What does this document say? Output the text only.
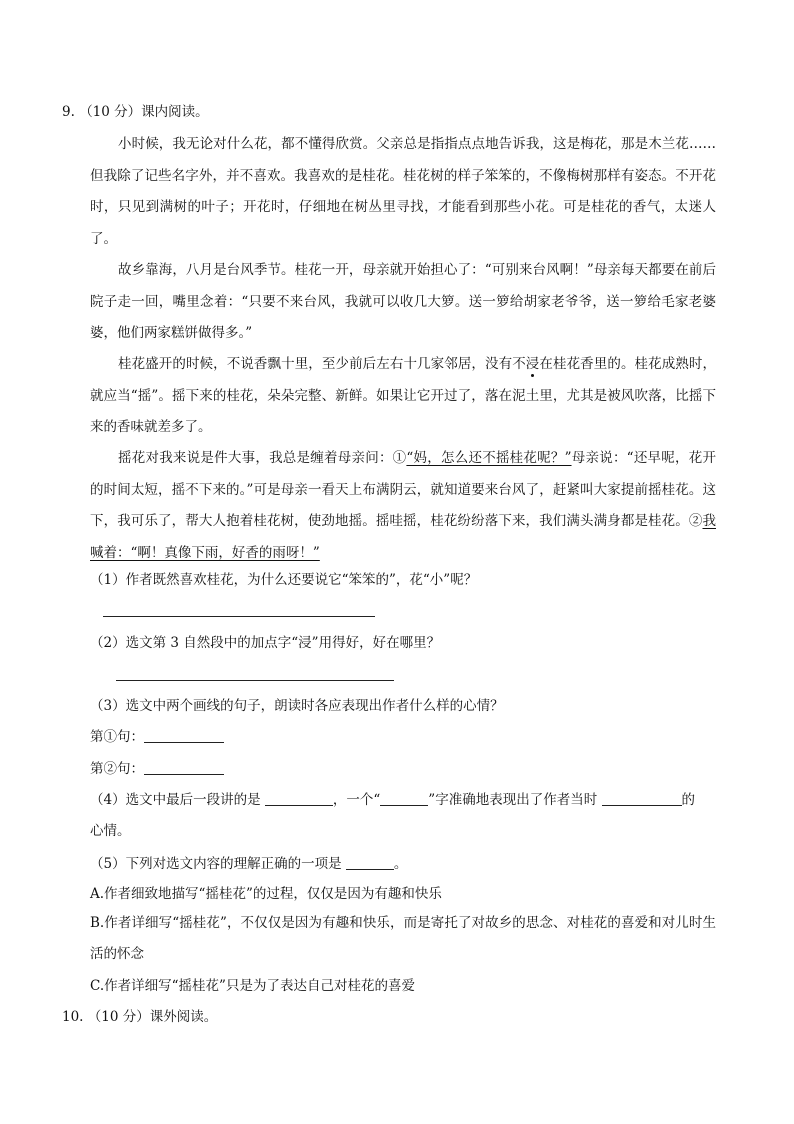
9. （10 分）课内阅读。
小时候，我无论对什么花，都不懂得欣赏。父亲总是指指点点地告诉我，这是梅花，那是木兰花……但我除了记些名字外，并不喜欢。我喜欢的是桂花。桂花树的样子笨笨的，不像梅树那样有姿态。不开花时，只见到满树的叶子；开花时，仔细地在树丛里寻找，才能看到那些小花。可是桂花的香气，太迷人了。
故乡靠海，八月是台风季节。桂花一开，母亲就开始担心了：“可别来台风啊！”母亲每天都要在前后院子走一回，嘴里念着：“只要不来台风，我就可以收几大箩。送一箩给胡家老爷爷，送一箩给毛家老婆婆，他们两家糕饼做得多。”
桂花盛开的时候，不说香飘十里，至少前后左右十几家邻居，没有不浸在桂花香里的。桂花成熟时，就应当“摇”。摇下来的桂花，朵朵完整、新鲜。如果让它开过了，落在泥土里，尤其是被风吹落，比摇下来的香味就差多了。
摇花对我来说是件大事，我总是缠着母亲问：①“妈，怎么还不摇桂花呢？”母亲说：“还早呢，花开的时间太短，摇不下来的。”可是母亲一看天上布满阴云，就知道要来台风了，赶紧叫大家提前摇桂花。这下，我可乐了，帮大人抱着桂花树，使劲地摇。摇哇摇，桂花纷纷落下来，我们满头满身都是桂花。②我喊着：“啊！真像下雨，好香的雨呀！”
（1）作者既然喜欢桂花，为什么还要说它“笨笨的”，花“小”呢？
（2）选文第 3 自然段中的加点字“浸”用得好，好在哪里？
（3）选文中两个画线的句子，朗读时各应表现出作者什么样的心情？
第①句：
第②句：
（4）选文中最后一段讲的是	，一个“	”字准确地表现出了作者当时	的
心情。
（5）下列对选文内容的理解正确的一项是	。
A.作者细致地描写“摇桂花”的过程，仅仅是因为有趣和快乐
B.作者详细写“摇桂花”，不仅仅是因为有趣和快乐，而是寄托了对故乡的思念、对桂花的喜爱和对儿时生活的怀念
C.作者详细写“摇桂花”只是为了表达自己对桂花的喜爱
10. （10 分）课外阅读。
